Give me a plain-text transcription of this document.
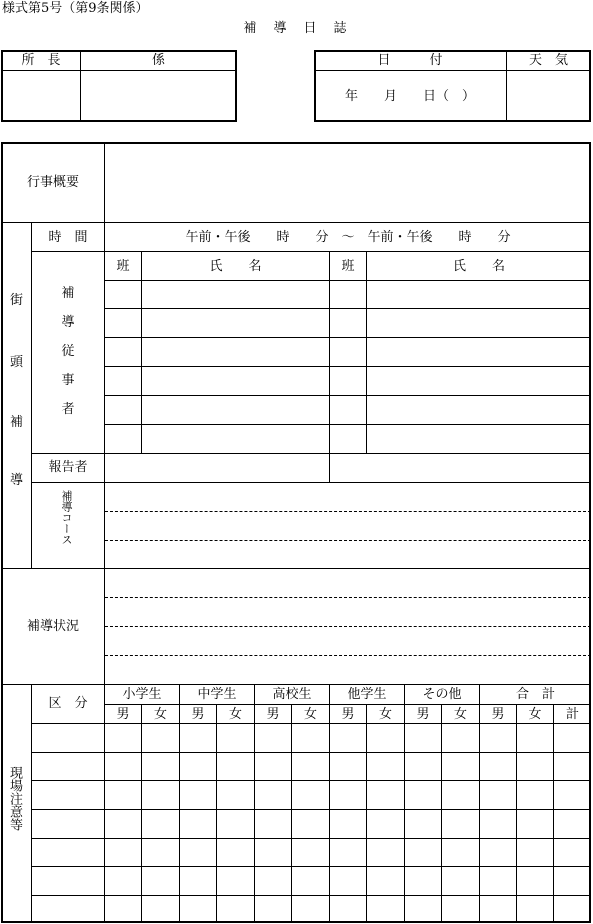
様式第5号（第9条関係）
補　導　日　誌
所　長	係	日　　　付	天　気
年　　月　　日（　）
行事概要
街
頭
補
導
時　間	午前・午後　　時　　分　～　午前・午後　　時　　分
班	氏　　名	班	氏　　名
補
導
従
事
者
報告者
補導コース
補導状況
現場注意等
区　分
小学生	中学生	高校生	他学生	その他	合　計
男	女	男	女	男	女	男	女	男	女	男	女	計
